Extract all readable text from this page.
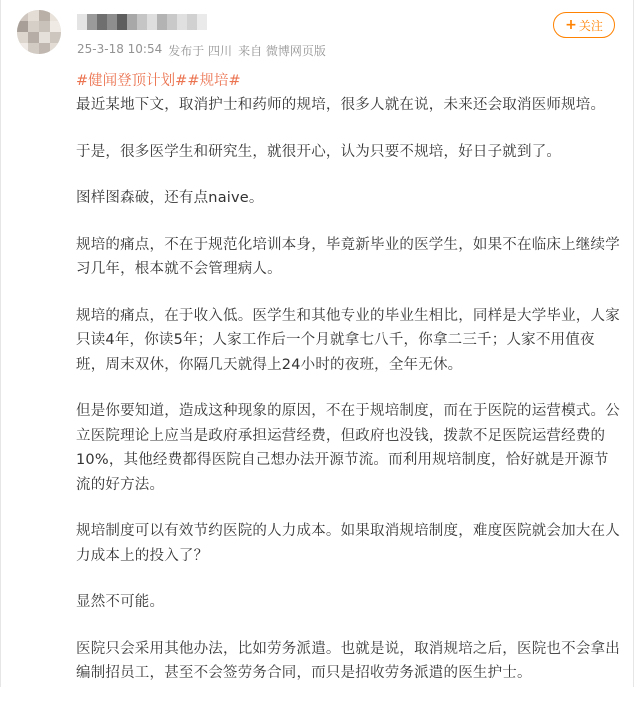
25-3-18 10:54 发布于 四川 来自 微博网页版
+ 关注
#健闻登顶计划# #规培#

最近某地下文，取消护士和药师的规培，很多人就在说，未来还会取消医师规培。

于是，很多医学生和研究生，就很开心，认为只要不规培，好日子就到了。

图样图森破，还有点naive。

规培的痛点，不在于规范化培训本身，毕竟新毕业的医学生，如果不在临床上继续学习几年，根本就不会管理病人。

规培的痛点，在于收入低。医学生和其他专业的毕业生相比，同样是大学毕业，人家只读4年，你读5年；人家工作后一个月就拿七八千，你拿二三千；人家不用值夜班，周末双休，你隔几天就得上24小时的夜班，全年无休。

但是你要知道，造成这种现象的原因，不在于规培制度，而在于医院的运营模式。公立医院理论上应当是政府承担运营经费，但政府也没钱，拨款不足医院运营经费的10%，其他经费都得医院自己想办法开源节流。而利用规培制度，恰好就是开源节流的好方法。

规培制度可以有效节约医院的人力成本。如果取消规培制度，难度医院就会加大在人力成本上的投入了？

显然不可能。

医院只会采用其他办法，比如劳务派遣。也就是说，取消规培之后，医院也不会拿出编制招员工，甚至不会签劳务合同，而只是招收劳务派遣的医生护士。
